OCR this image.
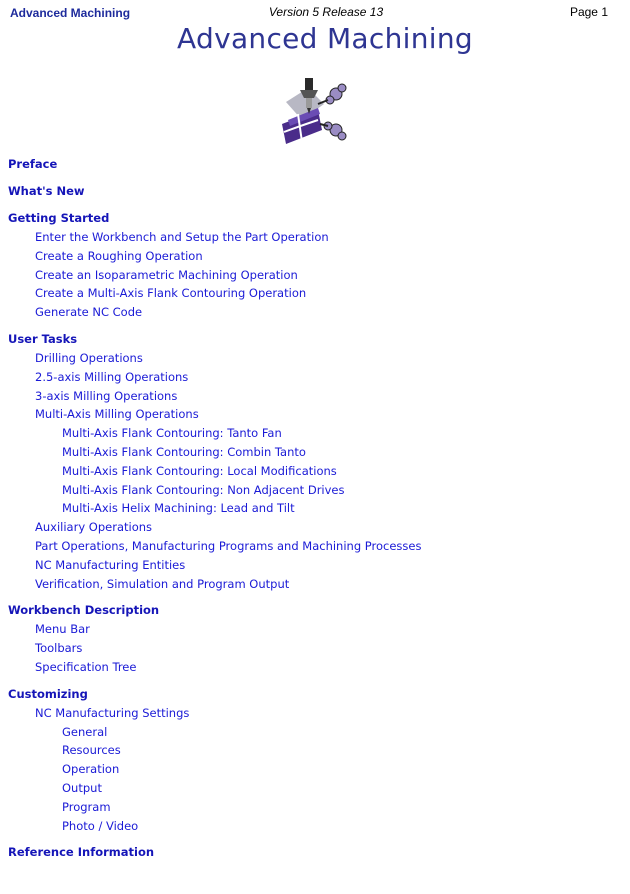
Advanced Machining	Version 5 Release 13	Page 1
Advanced Machining
Preface
What's New
Getting Started
Enter the Workbench and Setup the Part Operation
Create a Roughing Operation
Create an Isoparametric Machining Operation
Create a Multi-Axis Flank Contouring Operation
Generate NC Code
User Tasks
Drilling Operations
2.5-axis Milling Operations
3-axis Milling Operations
Multi-Axis Milling Operations
Multi-Axis Flank Contouring: Tanto Fan
Multi-Axis Flank Contouring: Combin Tanto
Multi-Axis Flank Contouring: Local Modifications
Multi-Axis Flank Contouring: Non Adjacent Drives
Multi-Axis Helix Machining: Lead and Tilt
Auxiliary Operations
Part Operations, Manufacturing Programs and Machining Processes
NC Manufacturing Entities
Verification, Simulation and Program Output
Workbench Description
Menu Bar
Toolbars
Specification Tree
Customizing
NC Manufacturing Settings
General
Resources
Operation
Output
Program
Photo / Video
Reference Information
